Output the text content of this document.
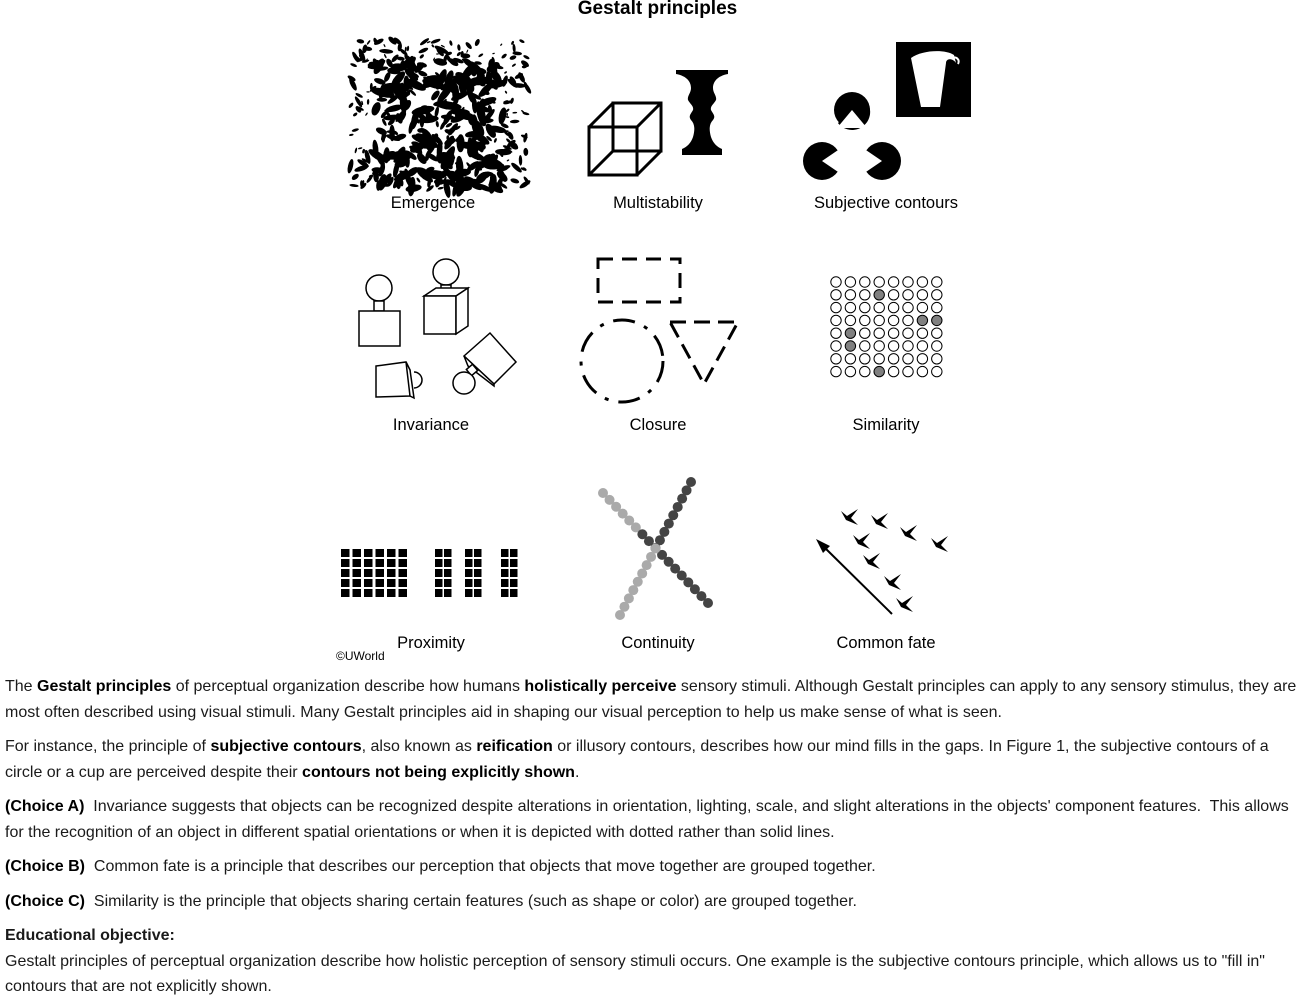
Gestalt principles
Emergence	Multistability	Subjective contours
Invariance	Closure	Similarity
Proximity	Continuity	Common fate
©UWorld

The Gestalt principles of perceptual organization describe how humans holistically perceive sensory stimuli. Although Gestalt principles can apply to any sensory stimulus, they are most often described using visual stimuli. Many Gestalt principles aid in shaping our visual perception to help us make sense of what is seen.

For instance, the principle of subjective contours, also known as reification or illusory contours, describes how our mind fills in the gaps. In Figure 1, the subjective contours of a circle or a cup are perceived despite their contours not being explicitly shown.

(Choice A)  Invariance suggests that objects can be recognized despite alterations in orientation, lighting, scale, and slight alterations in the objects' component features.  This allows for the recognition of an object in different spatial orientations or when it is depicted with dotted rather than solid lines.

(Choice B)  Common fate is a principle that describes our perception that objects that move together are grouped together.

(Choice C)  Similarity is the principle that objects sharing certain features (such as shape or color) are grouped together.

Educational objective:

Gestalt principles of perceptual organization describe how holistic perception of sensory stimuli occurs. One example is the subjective contours principle, which allows us to "fill in" contours that are not explicitly shown.
